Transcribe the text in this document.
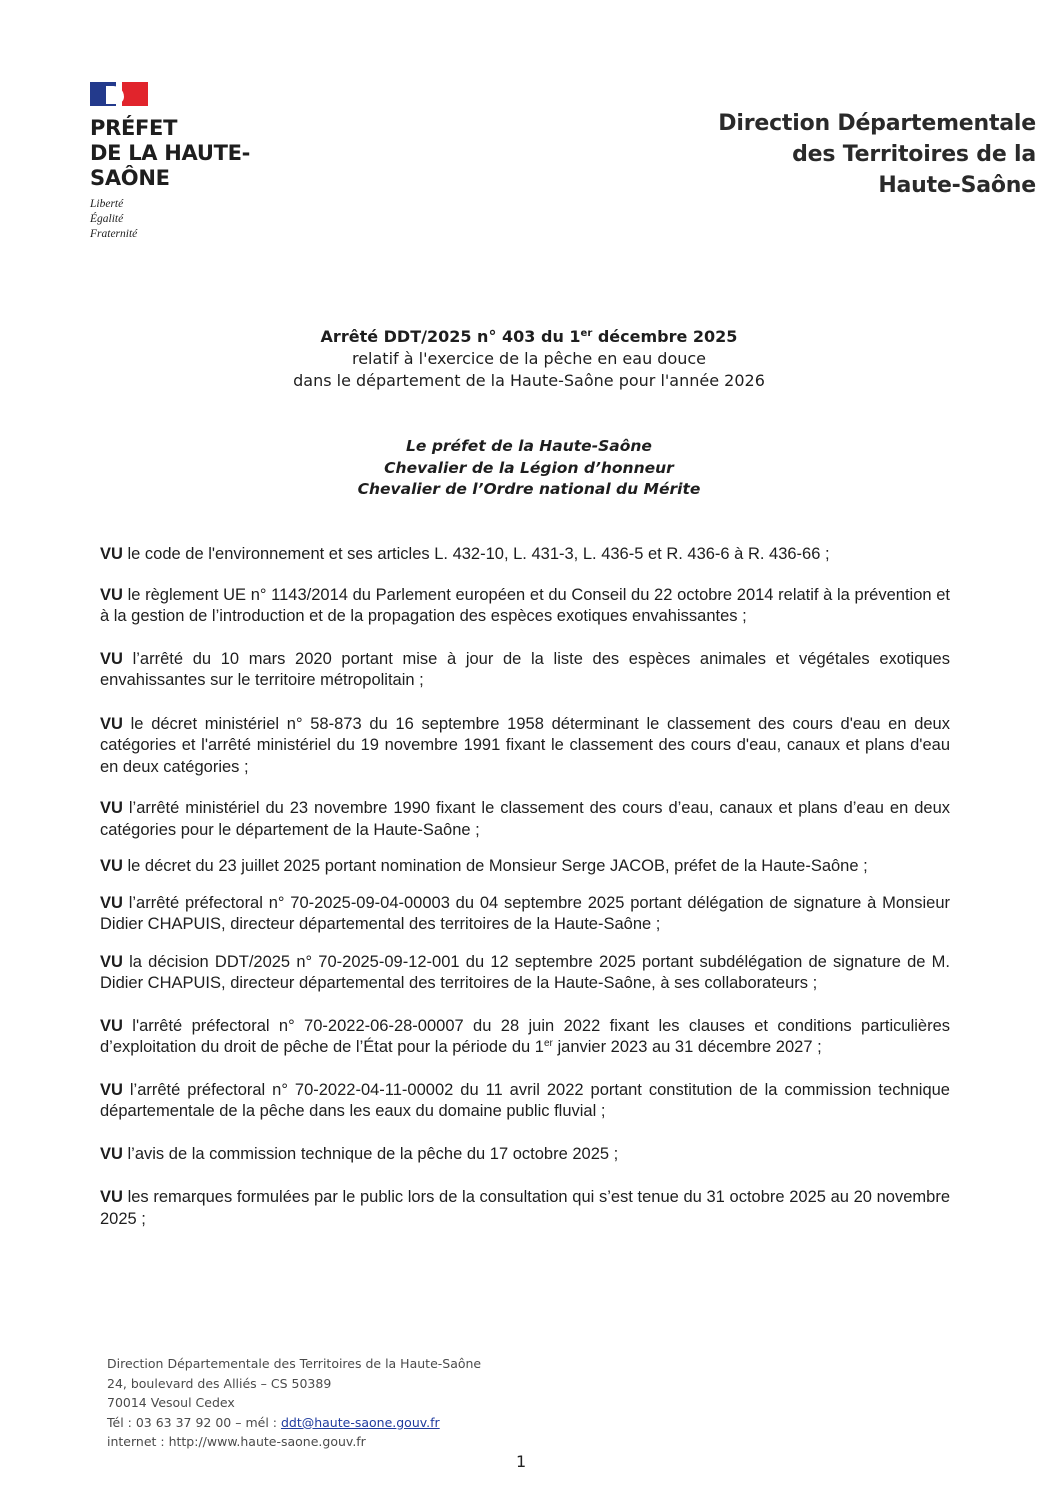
PRÉFET
DE LA HAUTE-
SAÔNE
Liberté
Égalité
Fraternité
Direction Départementale
des Territoires de la
Haute-Saône
Arrêté DDT/2025 n° 403 du 1er décembre 2025
relatif à l'exercice de la pêche en eau douce
dans le département de la Haute-Saône pour l'année 2026
Le préfet de la Haute-Saône
Chevalier de la Légion d’honneur
Chevalier de l’Ordre national du Mérite

VU le code de l'environnement et ses articles L. 432-10, L. 431-3, L. 436-5 et R. 436-6 à R. 436-66 ;

VU le règlement UE n° 1143/2014 du Parlement européen et du Conseil du 22 octobre 2014 relatif à la prévention et à la gestion de l’introduction et de la propagation des espèces exotiques envahissantes ;

VU l’arrêté du 10 mars 2020 portant mise à jour de la liste des espèces animales et végétales exotiques envahissantes sur le territoire métropolitain ;

VU le décret ministériel n° 58-873 du 16 septembre 1958 déterminant le classement des cours d'eau en deux catégories et l'arrêté ministériel du 19 novembre 1991 fixant le classement des cours d'eau, canaux et plans d'eau en deux catégories ;

VU l’arrêté ministériel du 23 novembre 1990 fixant le classement des cours d’eau, canaux et plans d’eau en deux catégories pour le département de la Haute-Saône ;

VU le décret du 23 juillet 2025 portant nomination de Monsieur Serge JACOB, préfet de la Haute-Saône ;

VU l’arrêté préfectoral n° 70-2025-09-04-00003 du 04 septembre 2025 portant délégation de signature à Monsieur Didier CHAPUIS, directeur départemental des territoires de la Haute-Saône ;

VU la décision DDT/2025 n° 70-2025-09-12-001 du 12 septembre 2025 portant subdélégation de signature de M. Didier CHAPUIS, directeur départemental des territoires de la Haute-Saône, à ses collaborateurs ;

VU l'arrêté préfectoral n° 70-2022-06-28-00007 du 28 juin 2022 fixant les clauses et conditions particulières d’exploitation du droit de pêche de l’État pour la période du 1er janvier 2023 au 31 décembre 2027 ;

VU l’arrêté préfectoral n° 70-2022-04-11-00002 du 11 avril 2022 portant constitution de la commission technique départementale de la pêche dans les eaux du domaine public fluvial ;

VU l’avis de la commission technique de la pêche du 17 octobre 2025 ;

VU les remarques formulées par le public lors de la consultation qui s’est tenue du 31 octobre 2025 au 20 novembre 2025 ;

Direction Départementale des Territoires de la Haute-Saône
24, boulevard des Alliés – CS 50389
70014 Vesoul Cedex
Tél : 03 63 37 92 00 – mél : ddt@haute-saone.gouv.fr
internet : http://www.haute-saone.gouv.fr
1
